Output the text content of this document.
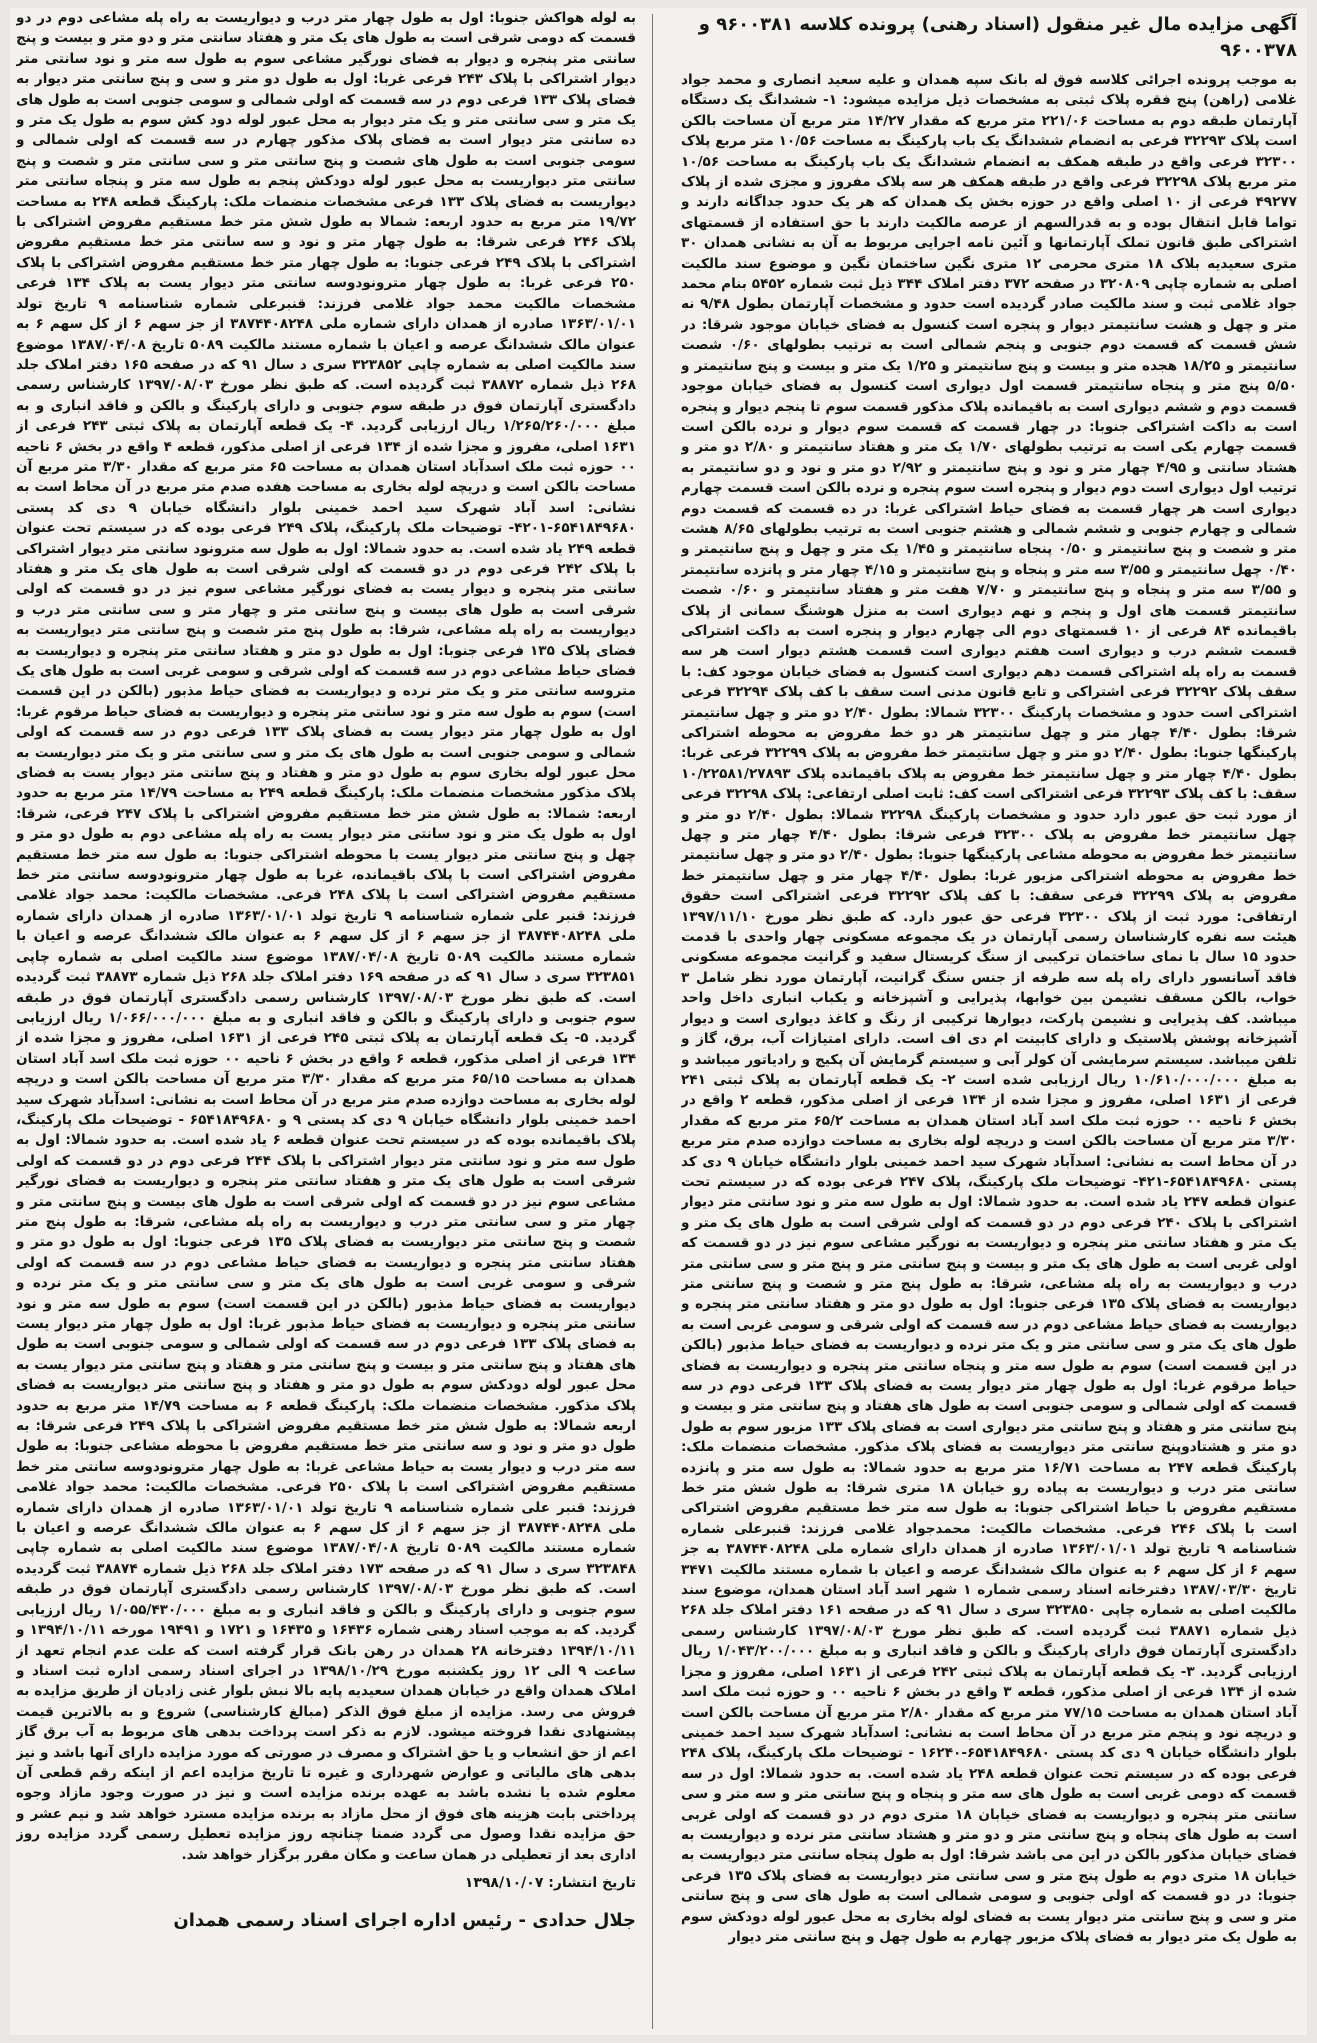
آگهی مزایده مال غیر منقول (اسناد رهنی) پرونده کلاسه ۹۶۰۰۳۸۱ و ۹۶۰۰۳۷۸

به موجب پرونده اجرائی کلاسه فوق له بانک سپه همدان و علیه سعید انصاری و محمد جواد غلامی (راهن) پنج فقره پلاک ثبتی به مشخصات ذیل مزایده میشود: ۱- ششدانگ یک دستگاه آپارتمان طبقه دوم به مساحت ۲۲۱/۰۶ متر مربع که مقدار ۱۴/۲۷ متر مربع آن مساحت بالکن است پلاک ۳۲۲۹۳ فرعی به انضمام ششدانگ یک باب پارکینگ به مساحت ۱۰/۵۶ متر مربع پلاک ۳۲۳۰۰ فرعی واقع در طبقه همکف به انضمام ششدانگ یک باب پارکینگ به مساحت ۱۰/۵۶ متر مربع پلاک ۳۲۲۹۸ فرعی واقع در طبقه همکف هر سه پلاک مفروز و مجزی شده از پلاک ۴۹۲۷۷ فرعی از ۱۰ اصلی واقع در حوزه بخش یک همدان که هر یک حدود جداگانه دارند و تواما قابل انتقال بوده و به قدرالسهم از عرصه مالکیت دارند با حق استفاده از قسمتهای اشتراکی طبق قانون تملک آپارتمانها و آئین نامه اجرایی مربوط به آن به نشانی همدان ۳۰ متری سعیدیه بلاک ۱۸ متری محرمی ۱۲ متری نگین ساختمان نگین و موضوع سند مالکیت اصلی به شماره چاپی ۳۲۰۸۰۹ در صفحه ۳۷۲ دفتر املاک ۳۴۴ ذیل ثبت شماره ۵۴۵۲ بنام محمد جواد غلامی ثبت و سند مالکیت صادر گردیده است حدود و مشخصات آپارتمان بطول ۹/۴۸ نه متر و چهل و هشت سانتیمتر دیوار و پنجره است کنسول به فضای خیابان موجود شرقا: در شش قسمت که قسمت دوم جنوبی و پنجم شمالی است به ترتیب بطولهای ۰/۶۰ شصت سانتیمتر و ۱۸/۲۵ هجده متر و بیست و پنج سانتیمتر و ۱/۲۵ یک متر و بیست و پنج سانتیمتر و ۵/۵۰ پنج متر و پنجاه سانتیمتر قسمت اول دیواری است کنسول به فضای خیابان موجود قسمت دوم و ششم دیواری است به باقیمانده پلاک مذکور قسمت سوم تا پنجم دیوار و پنجره است به داکت اشتراکی جنوبا: در چهار قسمت که قسمت سوم دیوار و نرده بالکن است قسمت چهارم یکی است به ترتیب بطولهای ۱/۷۰ یک متر و هفتاد سانتیمتر و ۲/۸۰ دو متر و هشتاد سانتی و ۴/۹۵ چهار متر و نود و پنج سانتیمتر و ۲/۹۲ دو متر و نود و دو سانتیمتر به ترتیب اول دیواری است دوم دیوار و پنجره است سوم پنجره و نرده بالکن است قسمت چهارم دیواری است هر چهار قسمت به فضای حیاط اشتراکی غربا: در ده قسمت که قسمت دوم شمالی و چهارم جنوبی و ششم شمالی و هشتم جنوبی است به ترتیب بطولهای ۸/۶۵ هشت متر و شصت و پنج سانتیمتر و ۰/۵۰ پنجاه سانتیمتر و ۱/۴۵ یک متر و چهل و پنج سانتیمتر و ۰/۴۰ چهل سانتیمتر و ۳/۵۵ سه متر و پنجاه و پنج سانتیمتر و ۴/۱۵ چهار متر و پانزده سانتیمتر و ۳/۵۵ سه متر و پنجاه و پنج سانتیمتر و ۷/۷۰ هفت متر و هفتاد سانتیمتر و ۰/۶۰ شصت سانتیمتر قسمت های اول و پنجم و نهم دیواری است به منزل هوشنگ سمانی از پلاک باقیمانده ۸۴ فرعی از ۱۰ قسمتهای دوم الی چهارم دیوار و پنجره است به داکت اشتراکی قسمت ششم درب و دیواری است هفتم دیواری است قسمت هشتم دیوار است هر سه قسمت به راه پله اشتراکی قسمت دهم دیواری است کنسول به فضای خیابان موجود کف: با سقف پلاک ۳۲۲۹۲ فرعی اشتراکی و تابع قانون مدنی است سقف با کف پلاک ۳۲۲۹۴ فرعی اشتراکی است حدود و مشخصات پارکینگ ۳۲۳۰۰ شمالا: بطول ۲/۴۰ دو متر و چهل سانتیمتر شرقا: بطول ۴/۴۰ چهار متر و چهل سانتیمتر هر دو خط مفروض به محوطه اشتراکی پارکینگها جنوبا: بطول ۲/۴۰ دو متر و چهل سانتیمتر خط مفروض به پلاک ۳۲۲۹۹ فرعی غربا: بطول ۴/۴۰ چهار متر و چهل سانتیمتر خط مفروض به پلاک باقیمانده پلاک ۱۰/۲۲۵۸۱/۲۷۸۹۳ سقف: با کف پلاک ۳۲۲۹۳ فرعی اشتراکی است کف: ثابت اصلی ارتفاعی: پلاک ۳۲۲۹۸ فرعی از مورد ثبت حق عبور دارد حدود و مشخصات پارکینگ ۳۲۲۹۸ شمالا: بطول ۲/۴۰ دو متر و چهل سانتیمتر خط مفروض به پلاک ۳۲۳۰۰ فرعی شرقا: بطول ۴/۴۰ چهار متر و چهل سانتیمتر خط مفروض به محوطه مشاعی پارکینگها جنوبا: بطول ۲/۴۰ دو متر و چهل سانتیمتر خط مفروض به محوطه اشتراکی مزبور غربا: بطول ۴/۴۰ چهار متر و چهل سانتیمتر خط مفروض به پلاک ۳۲۲۹۹ فرعی سقف: با کف پلاک ۳۲۲۹۲ فرعی اشتراکی است حقوق ارتفاقی: مورد ثبت از پلاک ۳۲۳۰۰ فرعی حق عبور دارد. که طبق نظر مورخ ۱۳۹۷/۱۱/۱۰ هیئت سه نفره کارشناسان رسمی آپارتمان در یک مجموعه مسکونی چهار واحدی با قدمت حدود ۱۵ سال با نمای ساختمان ترکیبی از سنگ کریستال سفید و گرانیت مجموعه مسکونی فاقد آسانسور دارای راه پله سه طرفه از جنس سنگ گرانیت، آپارتمان مورد نظر شامل ۳ خواب، بالکن مسقف نشیمن بین خوابها، پذیرایی و آشپزخانه و یکباب انباری داخل واحد میباشد. کف پذیرایی و نشیمن پارکت، دیوارها ترکیبی از رنگ و کاغذ دیواری است و دیوار آشپزخانه پوشش پلاستیک و دارای کابینت ام دی اف است. دارای امتیازات آب، برق، گاز و تلفن میباشد. سیستم سرمایشی آن کولر آبی و سیستم گرمایش آن پکیج و رادیاتور میباشد و به مبلغ ۱۰/۶۱۰/۰۰۰/۰۰۰ ریال ارزیابی شده است ۲- یک قطعه آپارتمان به پلاک ثبتی ۲۴۱ فرعی از ۱۶۳۱ اصلی، مفروز و مجزا شده از ۱۳۴ فرعی از اصلی مذکور، قطعه ۲ واقع در بخش ۶ ناحیه ۰۰ حوزه ثبت ملک اسد آباد استان همدان به مساحت ۶۵/۲ متر مربع که مقدار ۳/۳۰ متر مربع آن مساحت بالکن است و دریچه لوله بخاری به مساحت دوازده صدم متر مربع در آن محاط است به نشانی: اسدآباد شهرک سید احمد خمینی بلوار دانشگاه خیابان ۹ دی کد پستی ۶۵۴۱۸۴۹۶۸۰-۴۲۱- توضیحات ملک پارکینگ، پلاک ۲۴۷ فرعی بوده که در سیستم تحت عنوان قطعه ۲۴۷ یاد شده است. به حدود شمالا: اول به طول سه متر و نود سانتی متر دیوار اشتراکی با پلاک ۲۴۰ فرعی دوم در دو قسمت که اولی شرقی است به طول های یک متر و یک متر و هفتاد سانتی متر پنجره و دیواریست به نورگیر مشاعی سوم نیز در دو قسمت که اولی غربی است به طول های یک متر و بیست و پنج سانتی متر و پنج متر و سی سانتی متر درب و دیواریست به راه پله مشاعی، شرقا: به طول پنج متر و شصت و پنج سانتی متر دیواریست به فضای پلاک ۱۳۵ فرعی جنوبا: اول به طول دو متر و هفتاد سانتی متر پنجره و دیواریست به فضای حیاط مشاعی دوم در سه قسمت که اولی شرقی و سومی غربی است به طول های یک متر و سی سانتی متر و یک متر نرده و دیواریست به فضای حیاط مذبور (بالکن در این قسمت است) سوم به طول سه متر و پنجاه سانتی متر پنجره و دیواریست به فضای حیاط مرقوم غربا: اول به طول چهار متر دیوار یست به فضای پلاک ۱۳۳ فرعی دوم در سه قسمت که اولی شمالی و سومی جنوبی است به طول های هفتاد و پنج سانتی متر و بیست و پنج سانتی متر و هفتاد و پنج سانتی متر دیواری است به فضای پلاک ۱۳۳ مزبور سوم به طول دو متر و هشتادوپنج سانتی متر دیواریست به فضای پلاک مذکور. مشخصات منضمات ملک: پارکینگ قطعه ۲۴۷ به مساحت ۱۶/۷۱ متر مربع به حدود شمالا: به طول سه متر و پانزده سانتی متر درب و دیواریست به پیاده رو خیابان ۱۸ متری شرقا: به طول شش متر خط مستقیم مفروض با حیاط اشتراکی جنوبا: به طول سه متر خط مستقیم مفروض اشتراکی است با پلاک ۲۴۶ فرعی. مشخصات مالکیت: محمدجواد غلامی فرزند: قنبرعلی شماره شناسنامه ۹ تاریخ تولد ۱۳۶۳/۰۱/۰۱ صادره از همدان دارای شماره ملی ۳۸۷۴۴۰۸۲۴۸ به جز سهم ۶ از کل سهم ۶ به عنوان مالک ششدانگ عرصه و اعیان با شماره مستند مالکیت ۳۴۷۱ تاریخ ۱۳۸۷/۰۳/۳۰ دفترخانه اسناد رسمی شماره ۱ شهر اسد آباد استان همدان، موضوع سند مالکیت اصلی به شماره چاپی ۳۲۳۸۵۰ سری د سال ۹۱ که در صفحه ۱۶۱ دفتر املاک جلد ۲۶۸ ذیل شماره ۳۸۸۷۱ ثبت گردیده است. که طبق نظر مورخ ۱۳۹۷/۰۸/۰۳ کارشناس رسمی دادگستری آپارتمان فوق دارای پارکینگ و بالکن و فاقد انباری و به مبلغ ۱/۰۴۳/۲۰۰/۰۰۰ ریال ارزیابی گردید. ۳- یک قطعه آپارتمان به پلاک ثبتی ۲۴۲ فرعی از ۱۶۳۱ اصلی، مفروز و مجزا شده از ۱۳۴ فرعی از اصلی مذکور، قطعه ۳ واقع در بخش ۶ ناحیه ۰۰ و حوزه ثبت ملک اسد آباد استان همدان به مساحت ۷۷/۱۵ متر مربع که مقدار ۲/۸۰ متر مربع آن مساحت بالکن است و دریچه نود و پنجم متر مربع در آن محاط است به نشانی: اسدآباد شهرک سید احمد خمینی بلوار دانشگاه خیابان ۹ دی کد پستی ۶۵۴۱۸۴۹۶۸۰-۱۶۲۴۰ - توضیحات ملک پارکینگ، پلاک ۲۴۸ فرعی بوده که در سیستم تحت عنوان قطعه ۲۴۸ یاد شده است. به حدود شمالا: اول در سه قسمت که دومی غربی است به طول های سه متر و پنجاه و پنج سانتی متر و سه متر و سی سانتی متر پنجره و دیواریست به فضای خیابان ۱۸ متری دوم در دو قسمت که اولی غربی است به طول های پنجاه و پنج سانتی متر و دو متر و هشتاد سانتی متر نرده و دیواریست به فضای خیابان مذکور بالکن در این می باشد شرقا: اول به طول پنجاه سانتی متر دیواریست به خیابان ۱۸ متری دوم به طول پنج متر و سی سانتی متر دیواریست به فضای پلاک ۱۳۵ فرعی جنوبا: در دو قسمت که اولی جنوبی و سومی شمالی است به طول های سی و پنج سانتی متر و سی و پنج سانتی متر دیوار یست به فضای لوله بخاری به محل عبور لوله دودکش سوم به طول یک متر دیوار به فضای پلاک مزبور چهارم به طول چهل و پنج سانتی متر دیوار

به لوله هواکش جنوبا: اول به طول چهار متر درب و دیواریست به راه پله مشاعی دوم در دو قسمت که دومی شرقی است به طول های یک متر و هفتاد سانتی متر و دو متر و بیست و پنج سانتی متر پنجره و دیوار به فضای نورگیر مشاعی سوم به طول سه متر و نود سانتی متر دیوار اشتراکی با پلاک ۲۴۳ فرعی غربا: اول به طول دو متر و سی و پنج سانتی متر دیوار به فضای پلاک ۱۳۳ فرعی دوم در سه قسمت که اولی شمالی و سومی جنوبی است به طول های یک متر و سی سانتی متر و یک متر دیوار به محل عبور لوله دود کش سوم به طول یک متر و ده سانتی متر دیوار است به فضای پلاک مذکور چهارم در سه قسمت که اولی شمالی و سومی جنوبی است به طول های شصت و پنج سانتی متر و سی سانتی متر و شصت و پنج سانتی متر دیواریست به محل عبور لوله دودکش پنجم به طول سه متر و پنجاه سانتی متر دیواریست به فضای پلاک ۱۳۳ فرعی مشخصات منضمات ملک: پارکینگ قطعه ۲۴۸ به مساحت ۱۹/۷۲ متر مربع به حدود اربعه: شمالا به طول شش متر خط مستقیم مفروض اشتراکی با پلاک ۲۴۶ فرعی شرقا: به طول چهار متر و نود و سه سانتی متر خط مستقیم مفروض اشتراکی با پلاک ۲۴۹ فرعی جنوبا: به طول چهار متر خط مستقیم مفروض اشتراکی با پلاک ۲۵۰ فرعی غربا: به طول چهار مترونودوسه سانتی متر دیوار یست به پلاک ۱۳۴ فرعی مشخصات مالکیت محمد جواد غلامی فرزند: قنبرعلی شماره شناسنامه ۹ تاریخ تولد ۱۳۶۳/۰۱/۰۱ صادره از همدان دارای شماره ملی ۳۸۷۴۴۰۸۲۴۸ از جز سهم ۶ از کل سهم ۶ به عنوان مالک ششدانگ عرصه و اعیان با شماره مستند مالکیت ۵۰۸۹ تاریخ ۱۳۸۷/۰۴/۰۸ موضوع سند مالکیت اصلی به شماره چاپی ۳۲۳۸۵۲ سری د سال ۹۱ که در صفحه ۱۶۵ دفتر املاک جلد ۲۶۸ ذیل شماره ۳۸۸۷۲ ثبت گردیده است. که طبق نظر مورخ ۱۳۹۷/۰۸/۰۳ کارشناس رسمی دادگستری آپارتمان فوق در طبقه سوم جنوبی و دارای پارکینگ و بالکن و فاقد انباری و به مبلغ ۱/۲۶۵/۲۶۰/۰۰۰ ریال ارزیابی گردید. ۴- یک قطعه آپارتمان به پلاک ثبتی ۲۴۳ فرعی از ۱۶۳۱ اصلی، مفروز و مجزا شده از ۱۳۴ فرعی از اصلی مذکور، قطعه ۴ واقع در بخش ۶ ناحیه ۰۰ حوزه ثبت ملک اسدآباد استان همدان به مساحت ۶۵ متر مربع که مقدار ۳/۳۰ متر مربع آن مساحت بالکن است و دریچه لوله بخاری به مساحت هفده صدم متر مربع در آن محاط است به نشانی: اسد آباد شهرک سید احمد خمینی بلوار دانشگاه خیابان ۹ دی کد پستی ۶۵۴۱۸۴۹۶۸۰-۴۲۰۱- توضیحات ملک پارکینگ، پلاک ۲۴۹ فرعی بوده که در سیستم تحت عنوان قطعه ۲۴۹ یاد شده است. به حدود شمالا: اول به طول سه مترونود سانتی متر دیوار اشتراکی با پلاک ۲۴۲ فرعی دوم در دو قسمت که اولی شرقی است به طول های یک متر و هفتاد سانتی متر پنجره و دیوار یست به فضای نورگیر مشاعی سوم نیز در دو قسمت که اولی شرقی است به طول های بیست و پنج سانتی متر و چهار متر و سی سانتی متر درب و دیواریست به راه پله مشاعی، شرقا: به طول پنج متر شصت و پنج سانتی متر دیواریست به فضای پلاک ۱۳۵ فرعی جنوبا: اول به طول دو متر و هفتاد سانتی متر پنجره و دیواریست به فضای حیاط مشاعی دوم در سه قسمت که اولی شرقی و سومی غربی است به طول های یک متروسه سانتی متر و یک متر نرده و دیواریست به فضای حیاط مذبور (بالکن در این قسمت است) سوم به طول سه متر و نود سانتی متر پنجره و دیواریست به فضای حیاط مرقوم غربا: اول به طول چهار متر دیوار یست به فضای پلاک ۱۳۳ فرعی دوم در سه قسمت که اولی شمالی و سومی جنوبی است به طول های یک متر و سی سانتی متر و یک متر دیواریست به محل عبور لوله بخاری سوم به طول دو متر و هفتاد و پنج سانتی متر دیوار یست به فضای پلاک مذکور مشخصات منضمات ملک: پارکینگ قطعه ۲۴۹ به مساحت ۱۴/۷۹ متر مربع به حدود اربعه: شمالا: به طول شش متر خط مستقیم مفروض اشتراکی با پلاک ۲۴۷ فرعی، شرقا: اول به طول یک متر و نود سانتی متر دیوار یست به راه پله مشاعی دوم به طول دو متر و چهل و پنج سانتی متر دیوار یست با محوطه اشتراکی جنوبا: به طول سه متر خط مستقیم مفروض اشتراکی است با پلاک باقیمانده، غربا به طول چهار مترونودوسه سانتی متر خط مستقیم مفروض اشتراکی است با پلاک ۲۴۸ فرعی. مشخصات مالکیت: محمد جواد غلامی فرزند: قنبر علی شماره شناسنامه ۹ تاریخ تولد ۱۳۶۳/۰۱/۰۱ صادره از همدان دارای شماره ملی ۳۸۷۴۴۰۸۲۴۸ از جز سهم ۶ از کل سهم ۶ به عنوان مالک ششدانگ عرصه و اعیان با شماره مستند مالکیت ۵۰۸۹ تاریخ ۱۳۸۷/۰۴/۰۸ موضوع سند مالکیت اصلی به شماره چاپی ۳۲۳۸۵۱ سری د سال ۹۱ که در صفحه ۱۶۹ دفتر املاک جلد ۲۶۸ ذیل شماره ۳۸۸۷۳ ثبت گردیده است. که طبق نظر مورخ ۱۳۹۷/۰۸/۰۳ کارشناس رسمی دادگستری آپارتمان فوق در طبقه سوم جنوبی و دارای پارکینگ و بالکن و فاقد انباری و به مبلغ ۱/۰۶۶/۰۰۰/۰۰۰ ریال ارزیابی گردید. ۵- یک قطعه آپارتمان به پلاک ثبتی ۲۴۵ فرعی از ۱۶۳۱ اصلی، مفروز و مجزا شده از ۱۳۴ فرعی از اصلی مذکور، قطعه ۶ واقع در بخش ۶ ناحیه ۰۰ حوزه ثبت ملک اسد آباد استان همدان به مساحت ۶۵/۱۵ متر مربع که مقدار ۳/۳۰ متر مربع آن مساحت بالکن است و دریچه لوله بخاری به مساحت دوازده صدم متر مربع در آن محاط است به نشانی: اسدآباد شهرک سید احمد خمینی بلوار دانشگاه خیابان ۹ دی کد پستی ۹ و ۶۵۴۱۸۴۹۶۸۰ - توضیحات ملک پارکینگ، پلاک باقیمانده بوده که در سیستم تحت عنوان قطعه ۶ یاد شده است. به حدود شمالا: اول به طول سه متر و نود سانتی متر دیوار اشتراکی با پلاک ۲۴۴ فرعی دوم در دو قسمت که اولی شرقی است به طول های یک متر و هفتاد سانتی متر پنجره و دیواریست به فضای نورگیر مشاعی سوم نیز در دو قسمت که اولی شرقی است به طول های بیست و پنج سانتی متر و چهار متر و سی سانتی متر درب و دیواریست به راه پله مشاعی، شرقا: به طول پنج متر شصت و پنج سانتی متر دیواریست به فضای پلاک ۱۳۵ فرعی جنوبا: اول به طول دو متر و هفتاد سانتی متر پنجره و دیواریست به فضای حیاط مشاعی دوم در سه قسمت که اولی شرقی و سومی غربی است به طول های یک متر و سی سانتی متر و یک متر نرده و دیواریست به فضای حیاط مذبور (بالکن در این قسمت است) سوم به طول سه متر و نود سانتی متر پنجره و دیواریست به فضای حیاط مذبور غربا: اول به طول چهار متر دیوار یست به فضای پلاک ۱۳۳ فرعی دوم در سه قسمت که اولی شمالی و سومی جنوبی است به طول های هفتاد و پنج سانتی متر و بیست و پنج سانتی متر و هفتاد و پنج سانتی متر دیوار یست به محل عبور لوله دودکش سوم به طول دو متر و هفتاد و پنج سانتی متر دیواریست به فضای پلاک مذکور. مشخصات منضمات ملک: پارکینگ قطعه ۶ به مساحت ۱۴/۷۹ متر مربع به حدود اربعه شمالا: به طول شش متر خط مستقیم مفروض اشتراکی با پلاک ۲۴۹ فرعی شرقا: به طول دو متر و نود و سه سانتی متر خط مستقیم مفروض با محوطه مشاعی جنوبا: به طول سه متر درب و دیوار یست به حیاط مشاعی غربا: به طول چهار مترونودوسه سانتی متر خط مستقیم مفروض اشتراکی است با پلاک ۲۵۰ فرعی. مشخصات مالکیت: محمد جواد غلامی فرزند: قنبر علی شماره شناسنامه ۹ تاریخ تولد ۱۳۶۳/۰۱/۰۱ صادره از همدان دارای شماره ملی ۳۸۷۴۴۰۸۲۴۸ از جز سهم ۶ از کل سهم ۶ به عنوان مالک ششدانگ عرصه و اعیان با شماره مستند مالکیت ۵۰۸۹ تاریخ ۱۳۸۷/۰۴/۰۸ موضوع سند مالکیت اصلی به شماره چاپی ۳۲۳۸۴۸ سری د سال ۹۱ که در صفحه ۱۷۳ دفتر املاک جلد ۲۶۸ ذیل شماره ۳۸۸۷۴ ثبت گردیده است. که طبق نظر مورخ ۱۳۹۷/۰۸/۰۳ کارشناس رسمی دادگستری آپارتمان فوق در طبقه سوم جنوبی و دارای پارکینگ و بالکن و فاقد انباری و به مبلغ ۱/۰۵۵/۴۳۰/۰۰۰ ریال ارزیابی گردید. که به موجب اسناد رهنی شماره ۱۶۴۳۶ و ۱۶۴۳۵ و ۱۷۲۱ و ۱۹۴۹۱ مورخه ۱۳۹۴/۱۰/۱۱ و ۱۳۹۴/۱۰/۱۱ دفترخانه ۲۸ همدان در رهن بانک قرار گرفته است که علت عدم انجام تعهد از ساعت ۹ الی ۱۲ روز یکشنبه مورخ ۱۳۹۸/۱۰/۲۹ در اجرای اسناد رسمی اداره ثبت اسناد و املاک همدان واقع در خیابان همدان سعیدیه پایه بالا نبش بلوار غنی زادیان از طریق مزایده به فروش می رسد. مزایده از مبلغ فوق الذکر (مبالغ کارشناسی) شروع و به بالاترین قیمت پیشنهادی نقدا فروخته میشود. لازم به ذکر است پرداخت بدهی های مربوط به آب برق گاز اعم از حق انشعاب و یا حق اشتراک و مصرف در صورتی که مورد مزایده دارای آنها باشد و نیز بدهی های مالیاتی و عوارض شهرداری و غیره تا تاریخ مزایده اعم از اینکه رقم قطعی آن معلوم شده یا نشده باشد به عهده برنده مزایده است و نیز در صورت وجود مازاد وجوه پرداختی بابت هزینه های فوق از محل مازاد به برنده مزایده مسترد خواهد شد و نیم عشر و حق مزایده نقدا وصول می گردد ضمنا چنانچه روز مزایده تعطیل رسمی گردد مزایده روز اداری بعد از تعطیلی در همان ساعت و مکان مقرر برگزار خواهد شد.

تاریخ انتشار: ۱۳۹۸/۱۰/۰۷
جلال حدادی - رئیس اداره اجرای اسناد رسمی همدان
